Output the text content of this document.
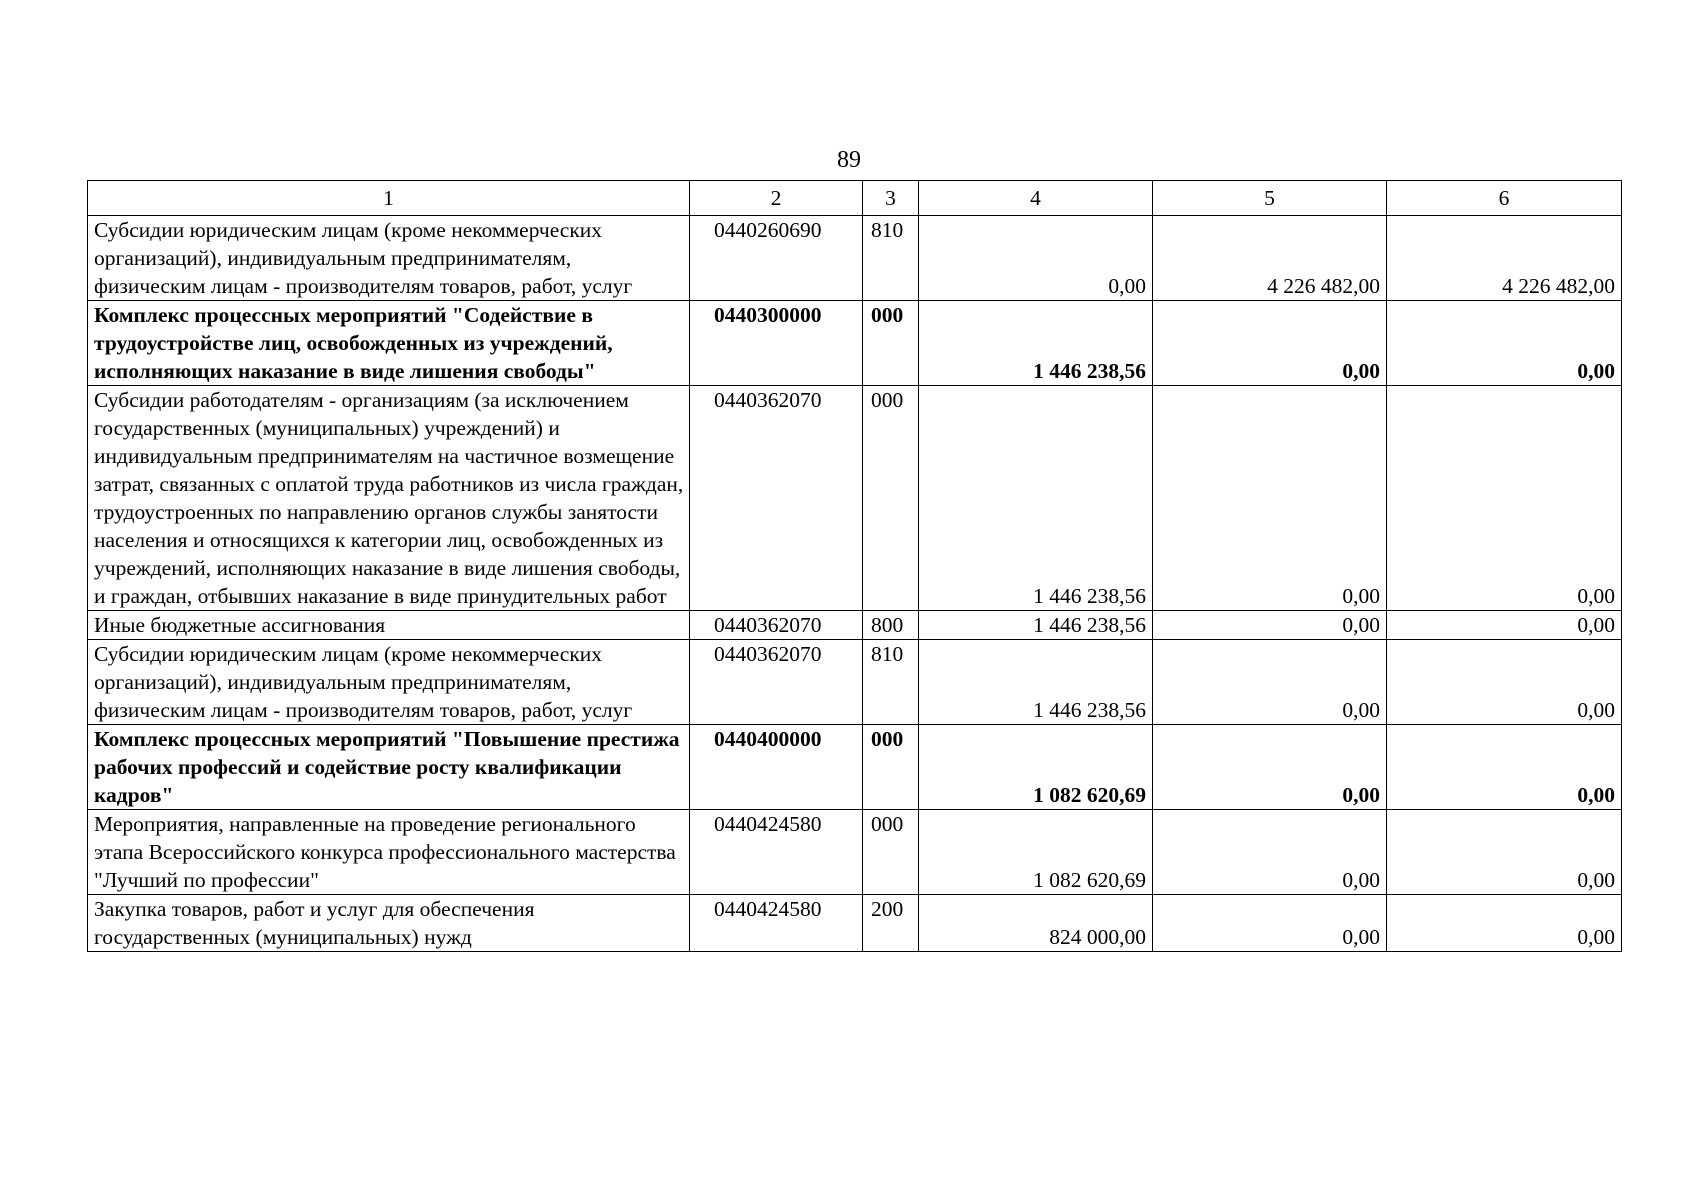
89
1	2	3	4	5	6
Субсидии юридическим лицам (кроме некоммерческих организаций), индивидуальным предпринимателям, физическим лицам - производителям товаров, работ, услуг	0440260690	810	0,00	4 226 482,00	4 226 482,00
Комплекс процессных мероприятий "Содействие в трудоустройстве лиц, освобожденных из учреждений, исполняющих наказание в виде лишения свободы"	0440300000	000	1 446 238,56	0,00	0,00
Субсидии работодателям - организациям (за исключением государственных (муниципальных) учреждений) и индивидуальным предпринимателям на частичное возмещение затрат, связанных с оплатой труда работников из числа граждан, трудоустроенных по направлению органов службы занятости населения и относящихся к категории лиц, освобожденных из учреждений, исполняющих наказание в виде лишения свободы, и граждан, отбывших наказание в виде принудительных работ	0440362070	000	1 446 238,56	0,00	0,00
Иные бюджетные ассигнования	0440362070	800	1 446 238,56	0,00	0,00
Субсидии юридическим лицам (кроме некоммерческих организаций), индивидуальным предпринимателям, физическим лицам - производителям товаров, работ, услуг	0440362070	810	1 446 238,56	0,00	0,00
Комплекс процессных мероприятий "Повышение престижа рабочих профессий и содействие росту квалификации кадров"	0440400000	000	1 082 620,69	0,00	0,00
Мероприятия, направленные на проведение регионального этапа Всероссийского конкурса профессионального мастерства "Лучший по профессии"	0440424580	000	1 082 620,69	0,00	0,00
Закупка товаров, работ и услуг для обеспечения государственных (муниципальных) нужд	0440424580	200	824 000,00	0,00	0,00
